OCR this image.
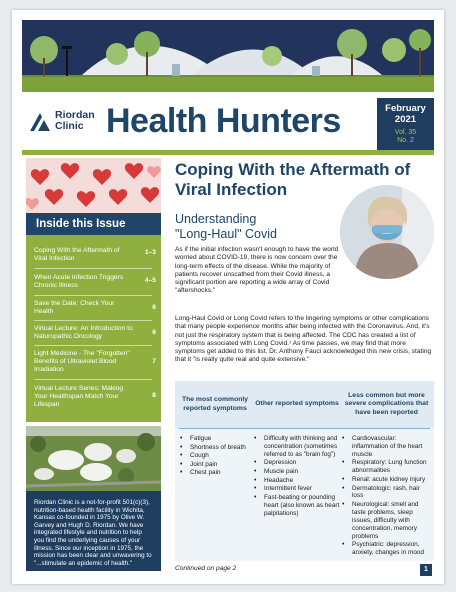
Riordan
Clinic Health Hunters	February
2021
Vol. 35
No. 2
Inside this Issue
Coping With the Aftermath of Viral Infection
1–3
When Acute Infection Triggers Chronic Illness
4–5
Save the Date: Check Your Health
6
Virtual Lecture: An Introduction to Naturopathic Oncology
6
Light Medicine - The "Forgotten" Benefits of Ultraviolet Blood Irradiation
7
Virtual Lecture Series: Making Your Healthspan Match Your Lifespan
8
Riordan Clinic is a not-for-profit 501(c)(3), nutrition-based health facility in Wichita, Kansas co-founded in 1975 by Olive W. Garvey and Hugh D. Riordan. We have integrated lifestyle and nutrition to help you find the underlying causes of your illness. Since our inception in 1975, the mission has been clear and unwavering to "...stimulate an epidemic of health."
Coping With the Aftermath of Viral Infection
Understanding
"Long-Haul" Covid
As if the initial infection wasn't enough to have the world worried about COVID-19, there is now concern over the long-term effects of the disease. While the majority of patients recover unscathed from their Covid illness, a significant portion are reporting a wide array of Covid "aftershocks."
Long-Haul Covid or Long Covid refers to the lingering symptoms or other complications that many people experience months after being infected with the Coronavirus. And, it's not just the respiratory system that is being affected. The CDC has created a list of symptoms associated with Long Covid.¹ As time passes, we may find that more symptoms get added to this list. Dr. Anthony Fauci acknowledged this new crisis, stating that it "is really quite real and quite extensive."
The most commonly reported symptoms
Other reported symptoms
Less common but more severe complications that have been reported
• Fatigue
• Shortness of breath
• Cough
• Joint pain
• Chest pain
• Difficulty with thinking and concentration (sometimes referred to as "brain fog")
• Depression
• Muscle pain
• Headache
• Intermittent fever
• Fast-beating or pounding heart (also known as heart palpitations)
• Cardiovascular: inflammation of the heart muscle
• Respiratory: Lung function abnormalities
• Renal: acute kidney injury
• Dermatologic: rash, hair loss
• Neurological: smell and taste problems, sleep issues, difficulty with concentration, memory problems
• Psychiatric: depression, anxiety, changes in mood
Continued on page 2	1
